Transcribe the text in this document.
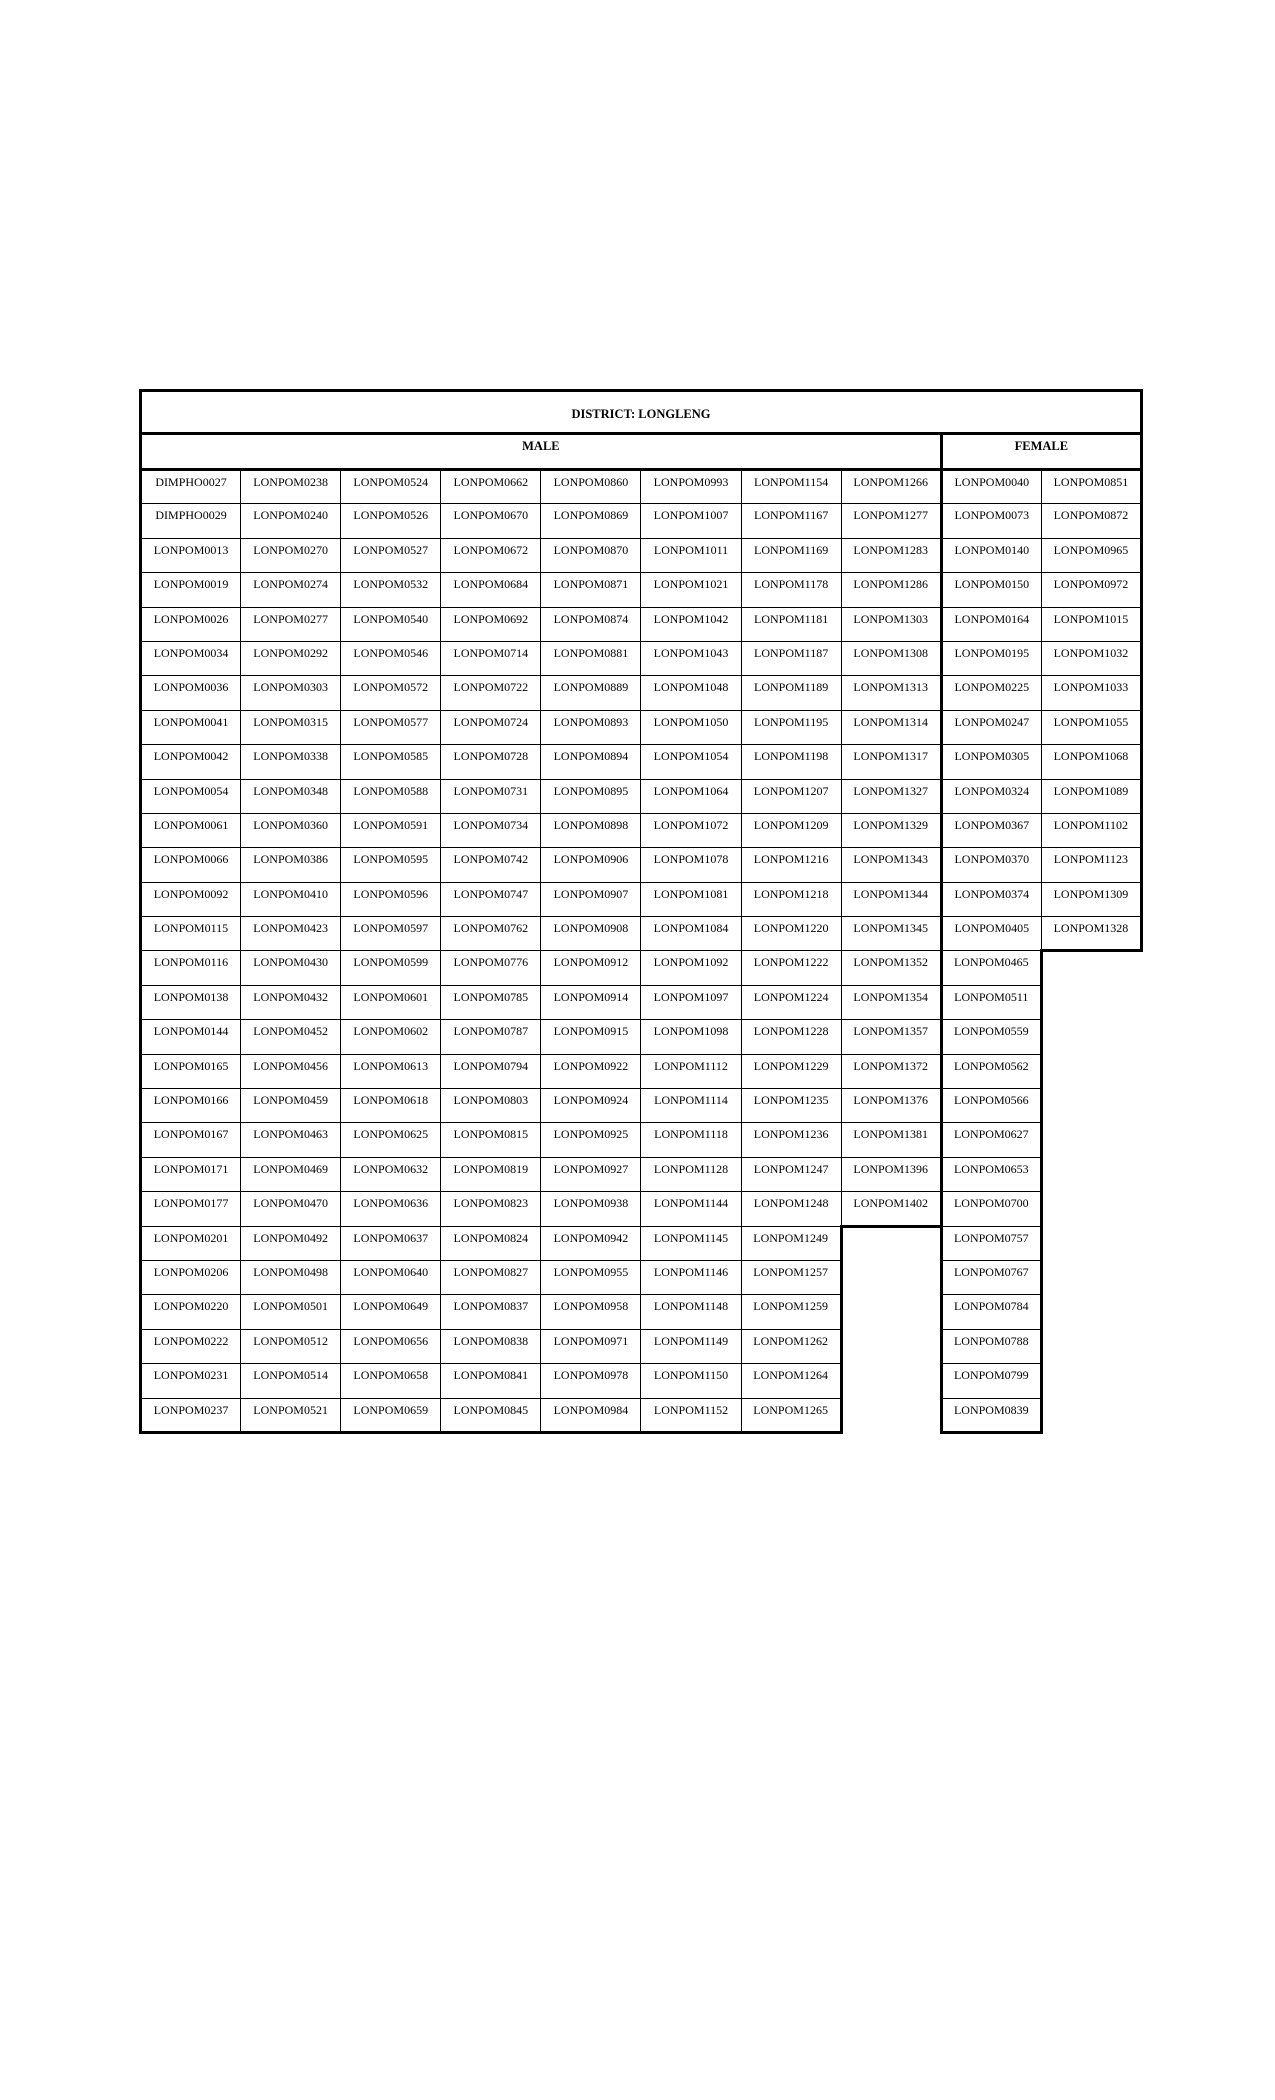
DISTRICT: LONGLENG									
MALE								FEMALE	
DIMPHO0027	LONPOM0238	LONPOM0524	LONPOM0662	LONPOM0860	LONPOM0993	LONPOM1154	LONPOM1266	LONPOM0040	LONPOM0851
DIMPHO0029	LONPOM0240	LONPOM0526	LONPOM0670	LONPOM0869	LONPOM1007	LONPOM1167	LONPOM1277	LONPOM0073	LONPOM0872
LONPOM0013	LONPOM0270	LONPOM0527	LONPOM0672	LONPOM0870	LONPOM1011	LONPOM1169	LONPOM1283	LONPOM0140	LONPOM0965
LONPOM0019	LONPOM0274	LONPOM0532	LONPOM0684	LONPOM0871	LONPOM1021	LONPOM1178	LONPOM1286	LONPOM0150	LONPOM0972
LONPOM0026	LONPOM0277	LONPOM0540	LONPOM0692	LONPOM0874	LONPOM1042	LONPOM1181	LONPOM1303	LONPOM0164	LONPOM1015
LONPOM0034	LONPOM0292	LONPOM0546	LONPOM0714	LONPOM0881	LONPOM1043	LONPOM1187	LONPOM1308	LONPOM0195	LONPOM1032
LONPOM0036	LONPOM0303	LONPOM0572	LONPOM0722	LONPOM0889	LONPOM1048	LONPOM1189	LONPOM1313	LONPOM0225	LONPOM1033
LONPOM0041	LONPOM0315	LONPOM0577	LONPOM0724	LONPOM0893	LONPOM1050	LONPOM1195	LONPOM1314	LONPOM0247	LONPOM1055
LONPOM0042	LONPOM0338	LONPOM0585	LONPOM0728	LONPOM0894	LONPOM1054	LONPOM1198	LONPOM1317	LONPOM0305	LONPOM1068
LONPOM0054	LONPOM0348	LONPOM0588	LONPOM0731	LONPOM0895	LONPOM1064	LONPOM1207	LONPOM1327	LONPOM0324	LONPOM1089
LONPOM0061	LONPOM0360	LONPOM0591	LONPOM0734	LONPOM0898	LONPOM1072	LONPOM1209	LONPOM1329	LONPOM0367	LONPOM1102
LONPOM0066	LONPOM0386	LONPOM0595	LONPOM0742	LONPOM0906	LONPOM1078	LONPOM1216	LONPOM1343	LONPOM0370	LONPOM1123
LONPOM0092	LONPOM0410	LONPOM0596	LONPOM0747	LONPOM0907	LONPOM1081	LONPOM1218	LONPOM1344	LONPOM0374	LONPOM1309
LONPOM0115	LONPOM0423	LONPOM0597	LONPOM0762	LONPOM0908	LONPOM1084	LONPOM1220	LONPOM1345	LONPOM0405	LONPOM1328
LONPOM0116	LONPOM0430	LONPOM0599	LONPOM0776	LONPOM0912	LONPOM1092	LONPOM1222	LONPOM1352	LONPOM0465	
LONPOM0138	LONPOM0432	LONPOM0601	LONPOM0785	LONPOM0914	LONPOM1097	LONPOM1224	LONPOM1354	LONPOM0511	
LONPOM0144	LONPOM0452	LONPOM0602	LONPOM0787	LONPOM0915	LONPOM1098	LONPOM1228	LONPOM1357	LONPOM0559	
LONPOM0165	LONPOM0456	LONPOM0613	LONPOM0794	LONPOM0922	LONPOM1112	LONPOM1229	LONPOM1372	LONPOM0562	
LONPOM0166	LONPOM0459	LONPOM0618	LONPOM0803	LONPOM0924	LONPOM1114	LONPOM1235	LONPOM1376	LONPOM0566	
LONPOM0167	LONPOM0463	LONPOM0625	LONPOM0815	LONPOM0925	LONPOM1118	LONPOM1236	LONPOM1381	LONPOM0627	
LONPOM0171	LONPOM0469	LONPOM0632	LONPOM0819	LONPOM0927	LONPOM1128	LONPOM1247	LONPOM1396	LONPOM0653	
LONPOM0177	LONPOM0470	LONPOM0636	LONPOM0823	LONPOM0938	LONPOM1144	LONPOM1248	LONPOM1402	LONPOM0700	
LONPOM0201	LONPOM0492	LONPOM0637	LONPOM0824	LONPOM0942	LONPOM1145	LONPOM1249		LONPOM0757	
LONPOM0206	LONPOM0498	LONPOM0640	LONPOM0827	LONPOM0955	LONPOM1146	LONPOM1257		LONPOM0767	
LONPOM0220	LONPOM0501	LONPOM0649	LONPOM0837	LONPOM0958	LONPOM1148	LONPOM1259		LONPOM0784	
LONPOM0222	LONPOM0512	LONPOM0656	LONPOM0838	LONPOM0971	LONPOM1149	LONPOM1262		LONPOM0788	
LONPOM0231	LONPOM0514	LONPOM0658	LONPOM0841	LONPOM0978	LONPOM1150	LONPOM1264		LONPOM0799	
LONPOM0237	LONPOM0521	LONPOM0659	LONPOM0845	LONPOM0984	LONPOM1152	LONPOM1265		LONPOM0839	
